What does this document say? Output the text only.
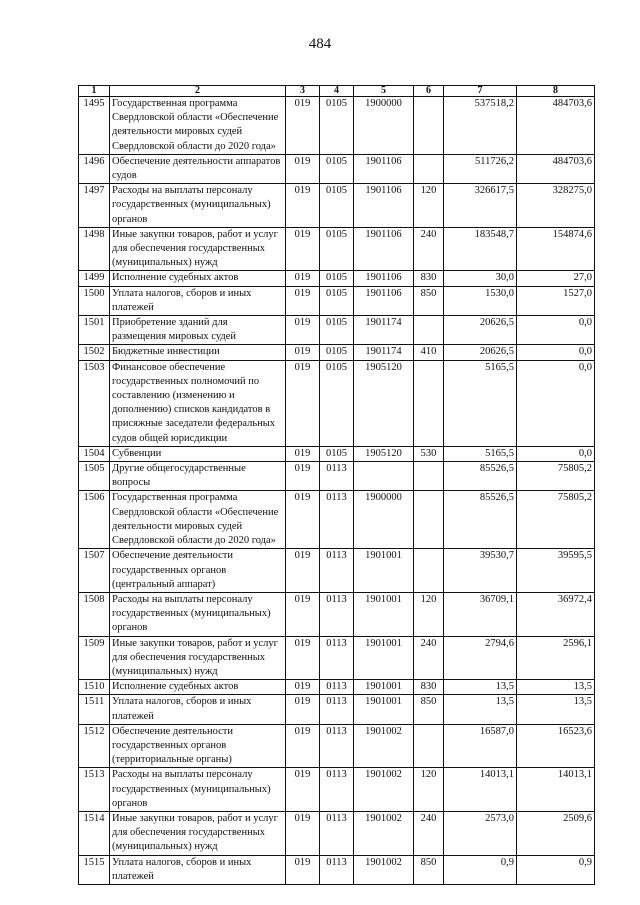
484
1	2	3	4	5	6	7	8
1495	Государственная программа Свердловской области «Обеспечение деятельности мировых судей Свердловской области до 2020 года»	019	0105	1900000		537518,2	484703,6
1496	Обеспечение деятельности аппаратов судов	019	0105	1901106		511726,2	484703,6
1497	Расходы на выплаты персоналу государственных (муниципальных) органов	019	0105	1901106	120	326617,5	328275,0
1498	Иные закупки товаров, работ и услуг для обеспечения государственных (муниципальных) нужд	019	0105	1901106	240	183548,7	154874,6
1499	Исполнение судебных актов	019	0105	1901106	830	30,0	27,0
1500	Уплата налогов, сборов и иных платежей	019	0105	1901106	850	1530,0	1527,0
1501	Приобретение зданий для размещения мировых судей	019	0105	1901174		20626,5	0,0
1502	Бюджетные инвестиции	019	0105	1901174	410	20626,5	0,0
1503	Финансовое обеспечение государственных полномочий по составлению (изменению и дополнению) списков кандидатов в присяжные заседатели федеральных судов общей юрисдикции	019	0105	1905120		5165,5	0,0
1504	Субвенции	019	0105	1905120	530	5165,5	0,0
1505	Другие общегосударственные вопросы	019	0113			85526,5	75805,2
1506	Государственная программа Свердловской области «Обеспечение деятельности мировых судей Свердловской области до 2020 года»	019	0113	1900000		85526,5	75805,2
1507	Обеспечение деятельности государственных органов (центральный аппарат)	019	0113	1901001		39530,7	39595,5
1508	Расходы на выплаты персоналу государственных (муниципальных) органов	019	0113	1901001	120	36709,1	36972,4
1509	Иные закупки товаров, работ и услуг для обеспечения государственных (муниципальных) нужд	019	0113	1901001	240	2794,6	2596,1
1510	Исполнение судебных актов	019	0113	1901001	830	13,5	13,5
1511	Уплата налогов, сборов и иных платежей	019	0113	1901001	850	13,5	13,5
1512	Обеспечение деятельности государственных органов (территориальные органы)	019	0113	1901002		16587,0	16523,6
1513	Расходы на выплаты персоналу государственных (муниципальных) органов	019	0113	1901002	120	14013,1	14013,1
1514	Иные закупки товаров, работ и услуг для обеспечения государственных (муниципальных) нужд	019	0113	1901002	240	2573,0	2509,6
1515	Уплата налогов, сборов и иных платежей	019	0113	1901002	850	0,9	0,9
